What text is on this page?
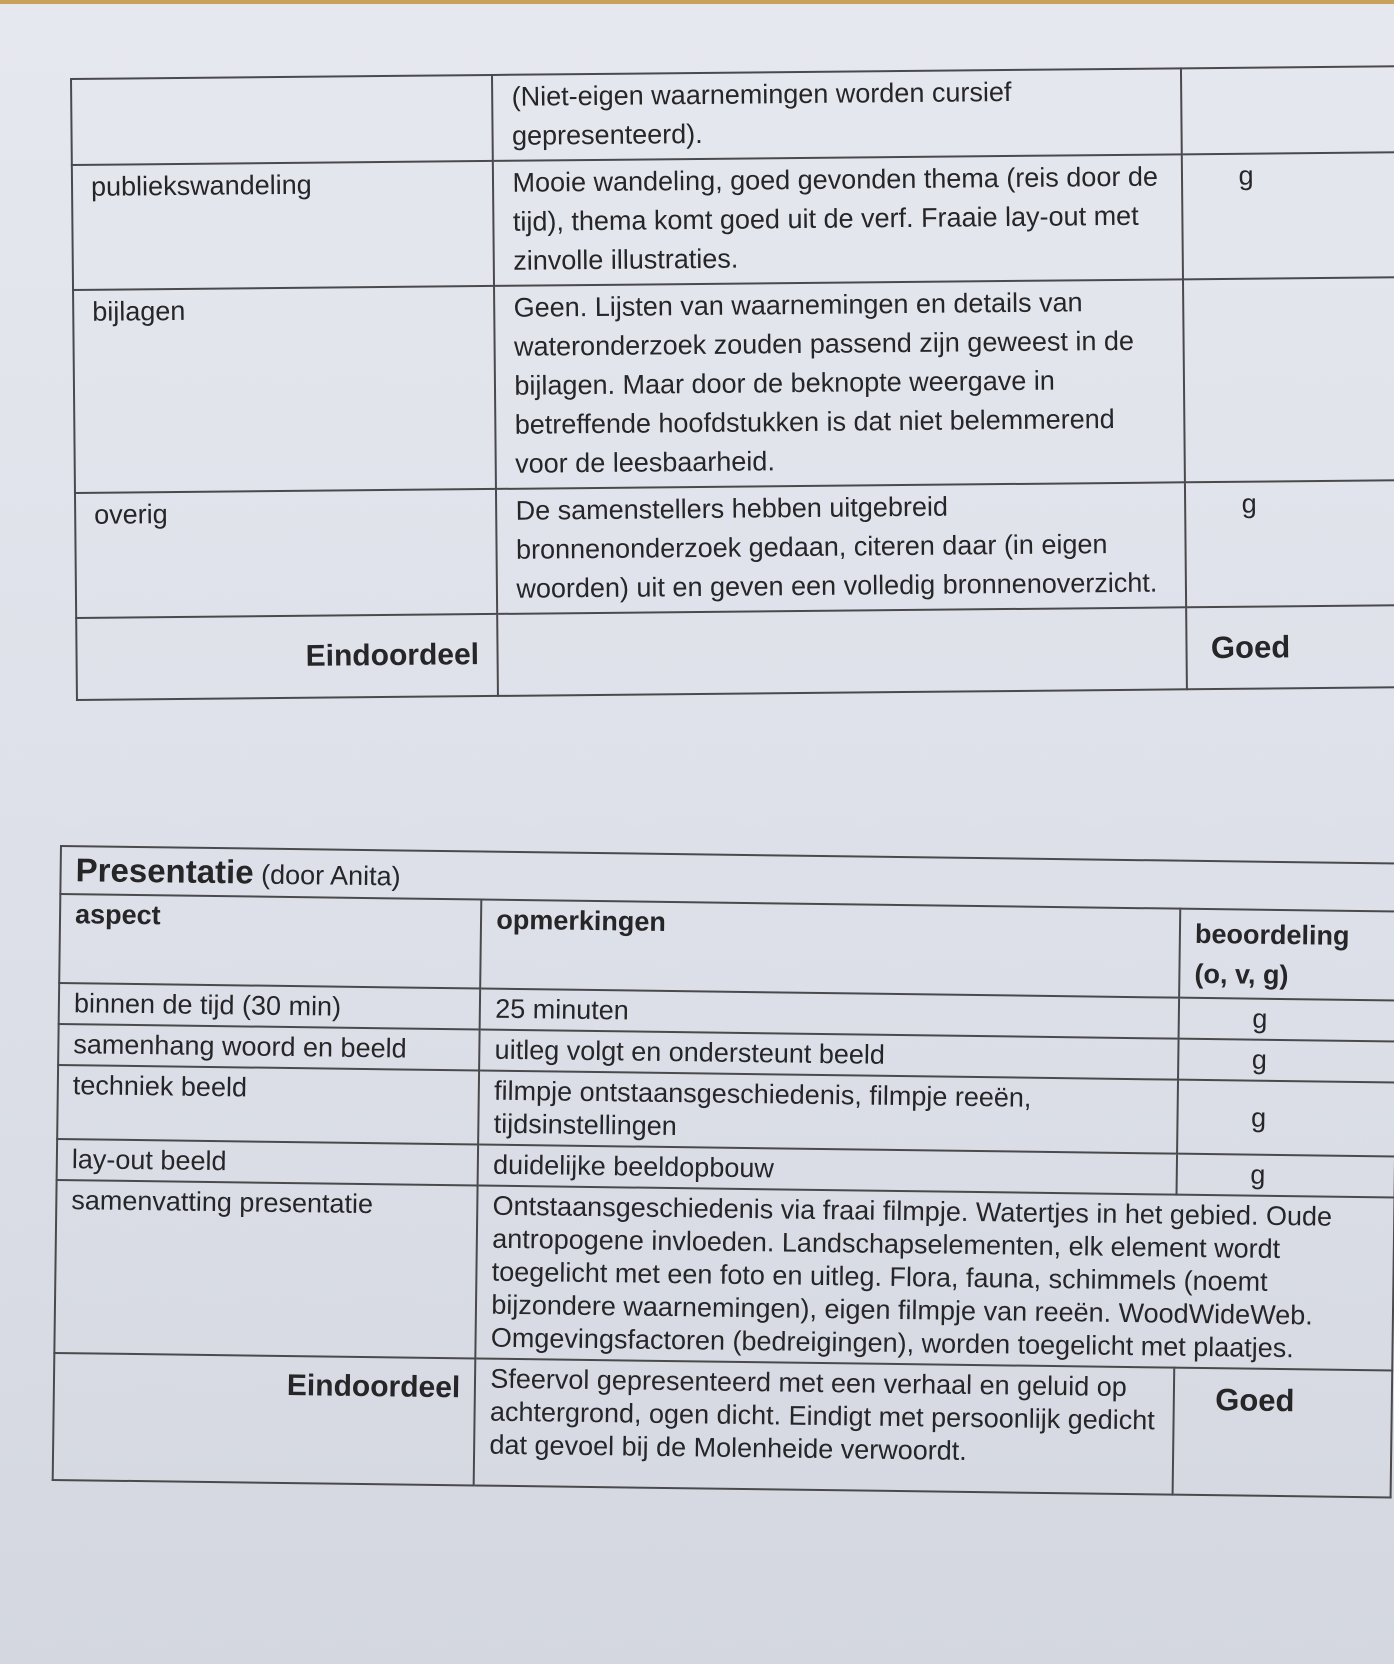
	(Niet-eigen waarnemingen worden cursief gepresenteerd).	
publiekswandeling	Mooie wandeling, goed gevonden thema (reis door de tijd), thema komt goed uit de verf. Fraaie lay-out met zinvolle illustraties.	g
bijlagen	Geen. Lijsten van waarnemingen en details van wateronderzoek zouden passend zijn geweest in de bijlagen. Maar door de beknopte weergave in betreffende hoofdstukken is dat niet belemmerend voor de leesbaarheid.	
overig	De samenstellers hebben uitgebreid bronnenonderzoek gedaan, citeren daar (in eigen woorden) uit en geven een volledig bronnenoverzicht.	g
Eindoordeel		Goed
Presentatie (door Anita)		
aspect	opmerkingen	beoordeling
(o, v, g)

binnen de tijd (30 min)	25 minuten	g
samenhang woord en beeld	uitleg volgt en ondersteunt beeld	g
techniek beeld	filmpje ontstaansgeschiedenis, filmpje reeën, tijdsinstellingen	g
lay-out beeld	duidelijke beeldopbouw	g
samenvatting presentatie	Ontstaansgeschiedenis via fraai filmpje. Watertjes in het gebied. Oude antropogene invloeden. Landschapselementen, elk element wordt toegelicht met een foto en uitleg. Flora, fauna, schimmels (noemt bijzondere waarnemingen), eigen filmpje van reeën. WoodWideWeb.
Omgevingsfactoren (bedreigingen), worden toegelicht met plaatjes.	

Eindoordeel	Sfeervol gepresenteerd met een verhaal en geluid op achtergrond, ogen dicht. Eindigt met persoonlijk gedicht dat gevoel bij de Molenheide verwoordt.	Goed
